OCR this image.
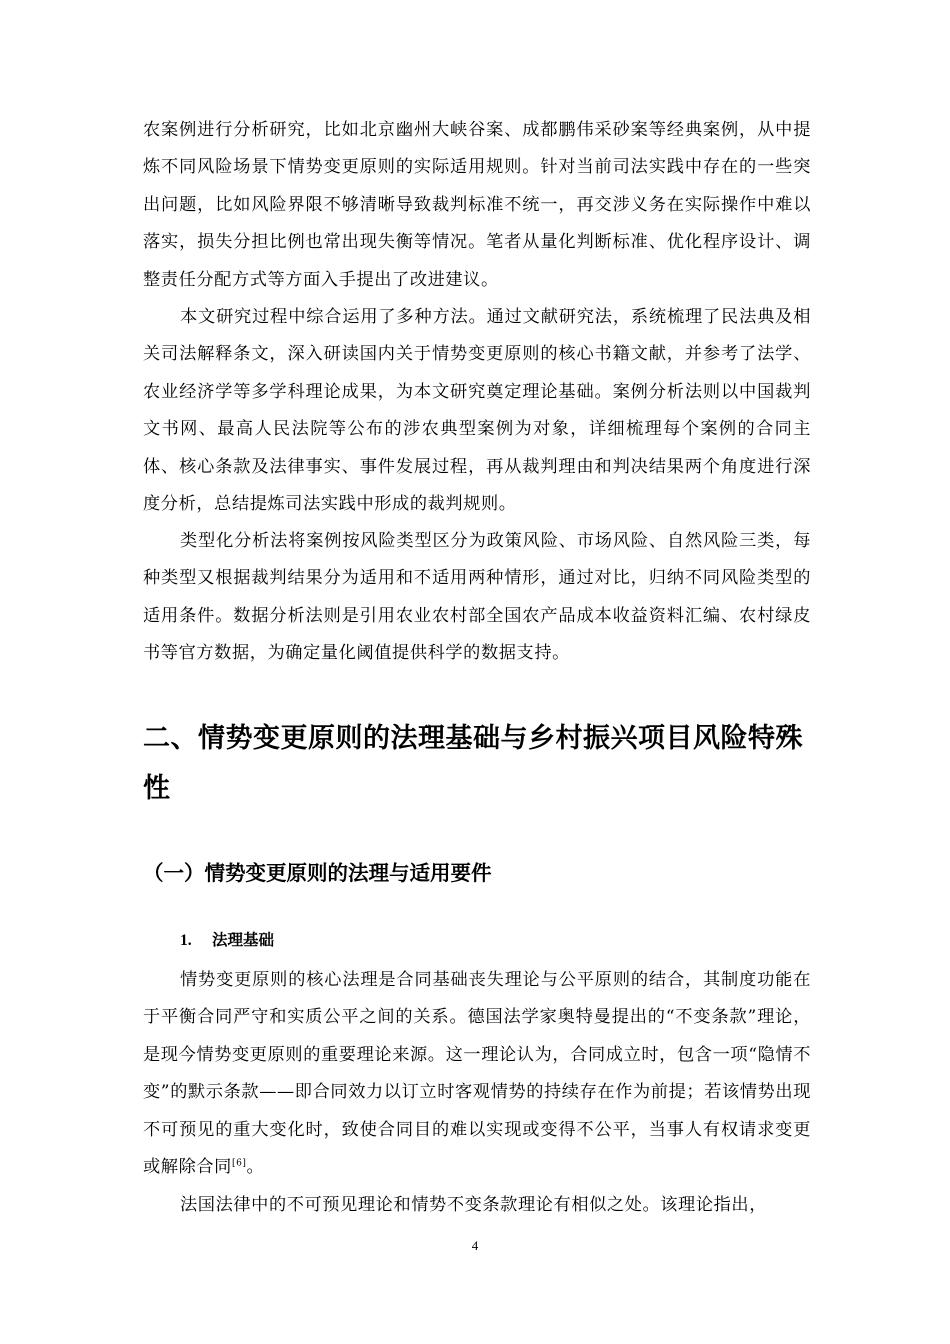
农案例进行分析研究，比如北京幽州大峡谷案、成都鹏伟采砂案等经典案例，从中提炼不同风险场景下情势变更原则的实际适用规则。针对当前司法实践中存在的一些突出问题，比如风险界限不够清晰导致裁判标准不统一，再交涉义务在实际操作中难以落实，损失分担比例也常出现失衡等情况。笔者从量化判断标准、优化程序设计、调整责任分配方式等方面入手提出了改进建议。

本文研究过程中综合运用了多种方法。通过文献研究法，系统梳理了民法典及相关司法解释条文，深入研读国内关于情势变更原则的核心书籍文献，并参考了法学、农业经济学等多学科理论成果，为本文研究奠定理论基础。案例分析法则以中国裁判文书网、最高人民法院等公布的涉农典型案例为对象，详细梳理每个案例的合同主体、核心条款及法律事实、事件发展过程，再从裁判理由和判决结果两个角度进行深度分析，总结提炼司法实践中形成的裁判规则。

类型化分析法将案例按风险类型区分为政策风险、市场风险、自然风险三类，每种类型又根据裁判结果分为适用和不适用两种情形，通过对比，归纳不同风险类型的适用条件。数据分析法则是引用农业农村部全国农产品成本收益资料汇编、农村绿皮书等官方数据，为确定量化阈值提供科学的数据支持。

二、情势变更原则的法理基础与乡村振兴项目风险特殊性
（一）情势变更原则的法理与适用要件
1. 法理基础

情势变更原则的核心法理是合同基础丧失理论与公平原则的结合，其制度功能在于平衡合同严守和实质公平之间的关系。德国法学家奥特曼提出的“不变条款”理论，是现今情势变更原则的重要理论来源。这一理论认为，合同成立时，包含一项“隐情不变”的默示条款——即合同效力以订立时客观情势的持续存在作为前提；若该情势出现不可预见的重大变化时，致使合同目的难以实现或变得不公平，当事人有权请求变更或解除合同[6]。

法国法律中的不可预见理论和情势不变条款理论有相似之处。该理论指出，

4
